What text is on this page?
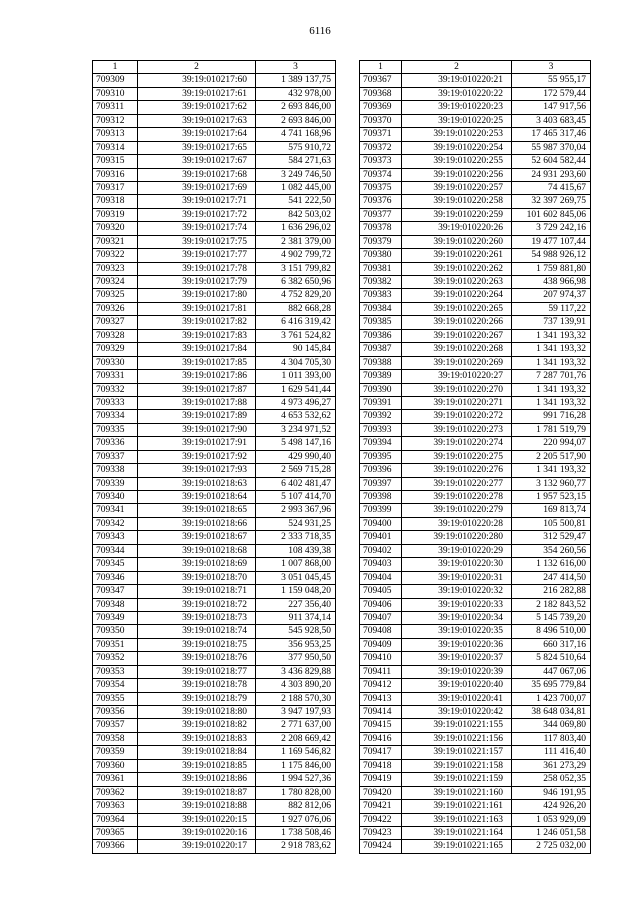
6116
1	2	3
709309	39:19:010217:60	1 389 137,75
709310	39:19:010217:61	432 978,00
709311	39:19:010217:62	2 693 846,00
709312	39:19:010217:63	2 693 846,00
709313	39:19:010217:64	4 741 168,96
709314	39:19:010217:65	575 910,72
709315	39:19:010217:67	584 271,63
709316	39:19:010217:68	3 249 746,50
709317	39:19:010217:69	1 082 445,00
709318	39:19:010217:71	541 222,50
709319	39:19:010217:72	842 503,02
709320	39:19:010217:74	1 636 296,02
709321	39:19:010217:75	2 381 379,00
709322	39:19:010217:77	4 902 799,72
709323	39:19:010217:78	3 151 799,82
709324	39:19:010217:79	6 382 650,96
709325	39:19:010217:80	4 752 829,20
709326	39:19:010217:81	882 668,28
709327	39:19:010217:82	6 416 319,42
709328	39:19:010217:83	3 761 524,82
709329	39:19:010217:84	90 145,84
709330	39:19:010217:85	4 304 705,30
709331	39:19:010217:86	1 011 393,00
709332	39:19:010217:87	1 629 541,44
709333	39:19:010217:88	4 973 496,27
709334	39:19:010217:89	4 653 532,62
709335	39:19:010217:90	3 234 971,52
709336	39:19:010217:91	5 498 147,16
709337	39:19:010217:92	429 990,40
709338	39:19:010217:93	2 569 715,28
709339	39:19:010218:63	6 402 481,47
709340	39:19:010218:64	5 107 414,70
709341	39:19:010218:65	2 993 367,96
709342	39:19:010218:66	524 931,25
709343	39:19:010218:67	2 333 718,35
709344	39:19:010218:68	108 439,38
709345	39:19:010218:69	1 007 868,00
709346	39:19:010218:70	3 051 045,45
709347	39:19:010218:71	1 159 048,20
709348	39:19:010218:72	227 356,40
709349	39:19:010218:73	911 374,14
709350	39:19:010218:74	545 928,50
709351	39:19:010218:75	356 953,25
709352	39:19:010218:76	377 950,50
709353	39:19:010218:77	3 436 829,88
709354	39:19:010218:78	4 303 890,20
709355	39:19:010218:79	2 188 570,30
709356	39:19:010218:80	3 947 197,93
709357	39:19:010218:82	2 771 637,00
709358	39:19:010218:83	2 208 669,42
709359	39:19:010218:84	1 169 546,82
709360	39:19:010218:85	1 175 846,00
709361	39:19:010218:86	1 994 527,36
709362	39:19:010218:87	1 780 828,00
709363	39:19:010218:88	882 812,06
709364	39:19:010220:15	1 927 076,06
709365	39:19:010220:16	1 738 508,46
709366	39:19:010220:17	2 918 783,62
1	2	3
709367	39:19:010220:21	55 955,17
709368	39:19:010220:22	172 579,44
709369	39:19:010220:23	147 917,56
709370	39:19:010220:25	3 403 683,45
709371	39:19:010220:253	17 465 317,46
709372	39:19:010220:254	55 987 370,04
709373	39:19:010220:255	52 604 582,44
709374	39:19:010220:256	24 931 293,60
709375	39:19:010220:257	74 415,67
709376	39:19:010220:258	32 397 269,75
709377	39:19:010220:259	101 602 845,06
709378	39:19:010220:26	3 729 242,16
709379	39:19:010220:260	19 477 107,44
709380	39:19:010220:261	54 988 926,12
709381	39:19:010220:262	1 759 881,80
709382	39:19:010220:263	438 966,98
709383	39:19:010220:264	207 974,37
709384	39:19:010220:265	59 117,22
709385	39:19:010220:266	737 139,91
709386	39:19:010220:267	1 341 193,32
709387	39:19:010220:268	1 341 193,32
709388	39:19:010220:269	1 341 193,32
709389	39:19:010220:27	7 287 701,76
709390	39:19:010220:270	1 341 193,32
709391	39:19:010220:271	1 341 193,32
709392	39:19:010220:272	991 716,28
709393	39:19:010220:273	1 781 519,79
709394	39:19:010220:274	220 994,07
709395	39:19:010220:275	2 205 517,90
709396	39:19:010220:276	1 341 193,32
709397	39:19:010220:277	3 132 960,77
709398	39:19:010220:278	1 957 523,15
709399	39:19:010220:279	169 813,74
709400	39:19:010220:28	105 500,81
709401	39:19:010220:280	312 529,47
709402	39:19:010220:29	354 260,56
709403	39:19:010220:30	1 132 616,00
709404	39:19:010220:31	247 414,50
709405	39:19:010220:32	216 282,88
709406	39:19:010220:33	2 182 843,52
709407	39:19:010220:34	5 145 739,20
709408	39:19:010220:35	8 496 510,00
709409	39:19:010220:36	660 317,16
709410	39:19:010220:37	5 824 510,64
709411	39:19:010220:39	447 067,06
709412	39:19:010220:40	35 695 779,84
709413	39:19:010220:41	1 423 700,07
709414	39:19:010220:42	38 648 034,81
709415	39:19:010221:155	344 069,80
709416	39:19:010221:156	117 803,40
709417	39:19:010221:157	111 416,40
709418	39:19:010221:158	361 273,29
709419	39:19:010221:159	258 052,35
709420	39:19:010221:160	946 191,95
709421	39:19:010221:161	424 926,20
709422	39:19:010221:163	1 053 929,09
709423	39:19:010221:164	1 246 051,58
709424	39:19:010221:165	2 725 032,00
